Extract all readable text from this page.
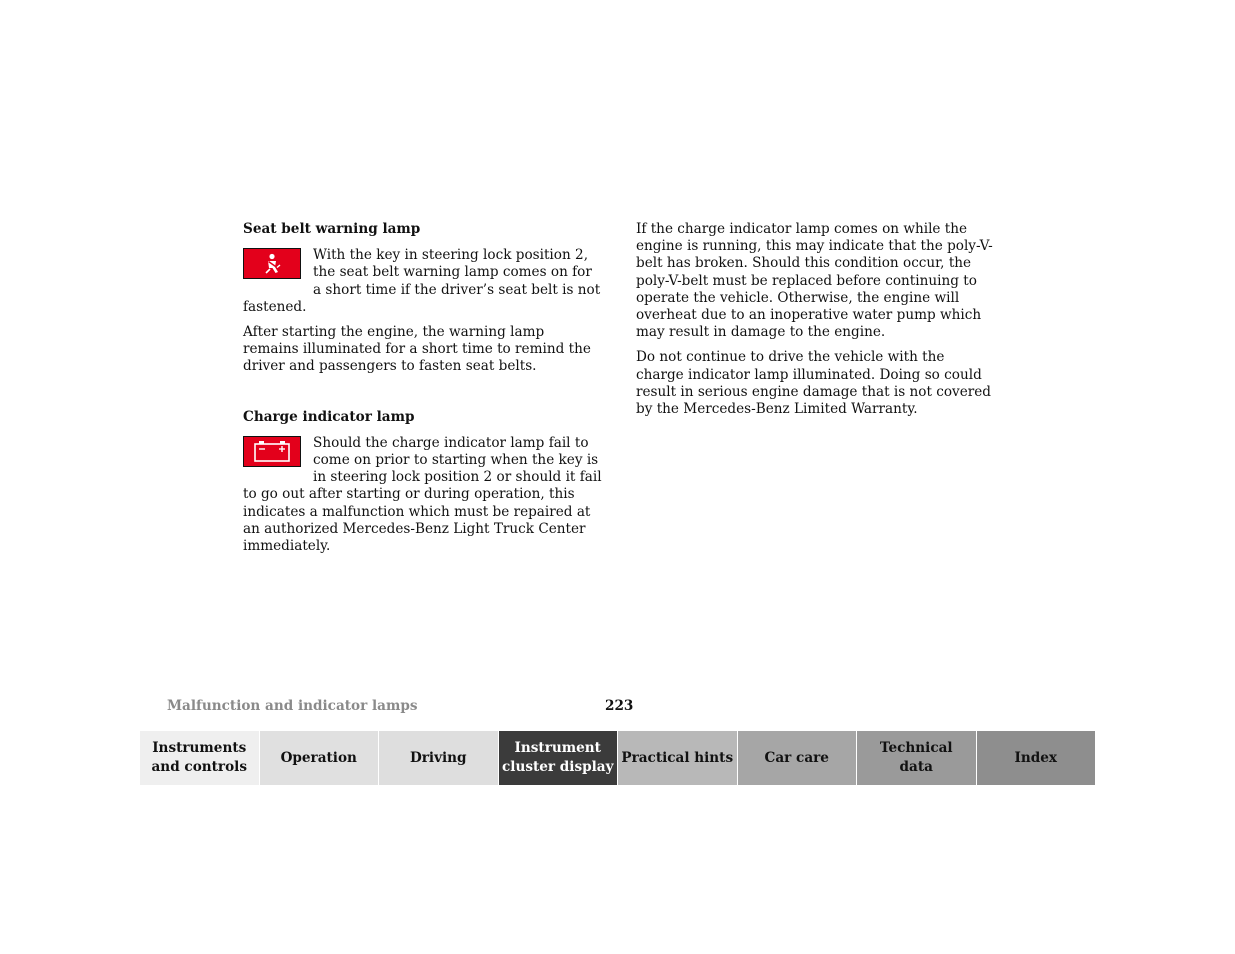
Seat belt warning lamp
With the key in steering lock position 2, the seat belt warning lamp comes on for a short time if the driver’s seat belt is not fastened.
After starting the engine, the warning lamp remains illuminated for a short time to remind the driver and passengers to fasten seat belts.
Charge indicator lamp
Should the charge indicator lamp fail to come on prior to starting when the key is in steering lock position 2 or should it fail to go out after starting or during operation, this indicates a malfunction which must be repaired at an authorized Mercedes-Benz Light Truck Center immediately.
If the charge indicator lamp comes on while the engine is running, this may indicate that the poly-V-belt has broken. Should this condition occur, the poly-V-belt must be replaced before continuing to operate the vehicle. Otherwise, the engine will overheat due to an inoperative water pump which may result in damage to the engine.
Do not continue to drive the vehicle with the charge indicator lamp illuminated. Doing so could result in serious engine damage that is not covered by the Mercedes-Benz Limited Warranty.
Malfunction and indicator lamps	223
Instruments
and controls
Operation	Driving
Instrument
cluster display
Practical hints Car care
Technical
data
Index
